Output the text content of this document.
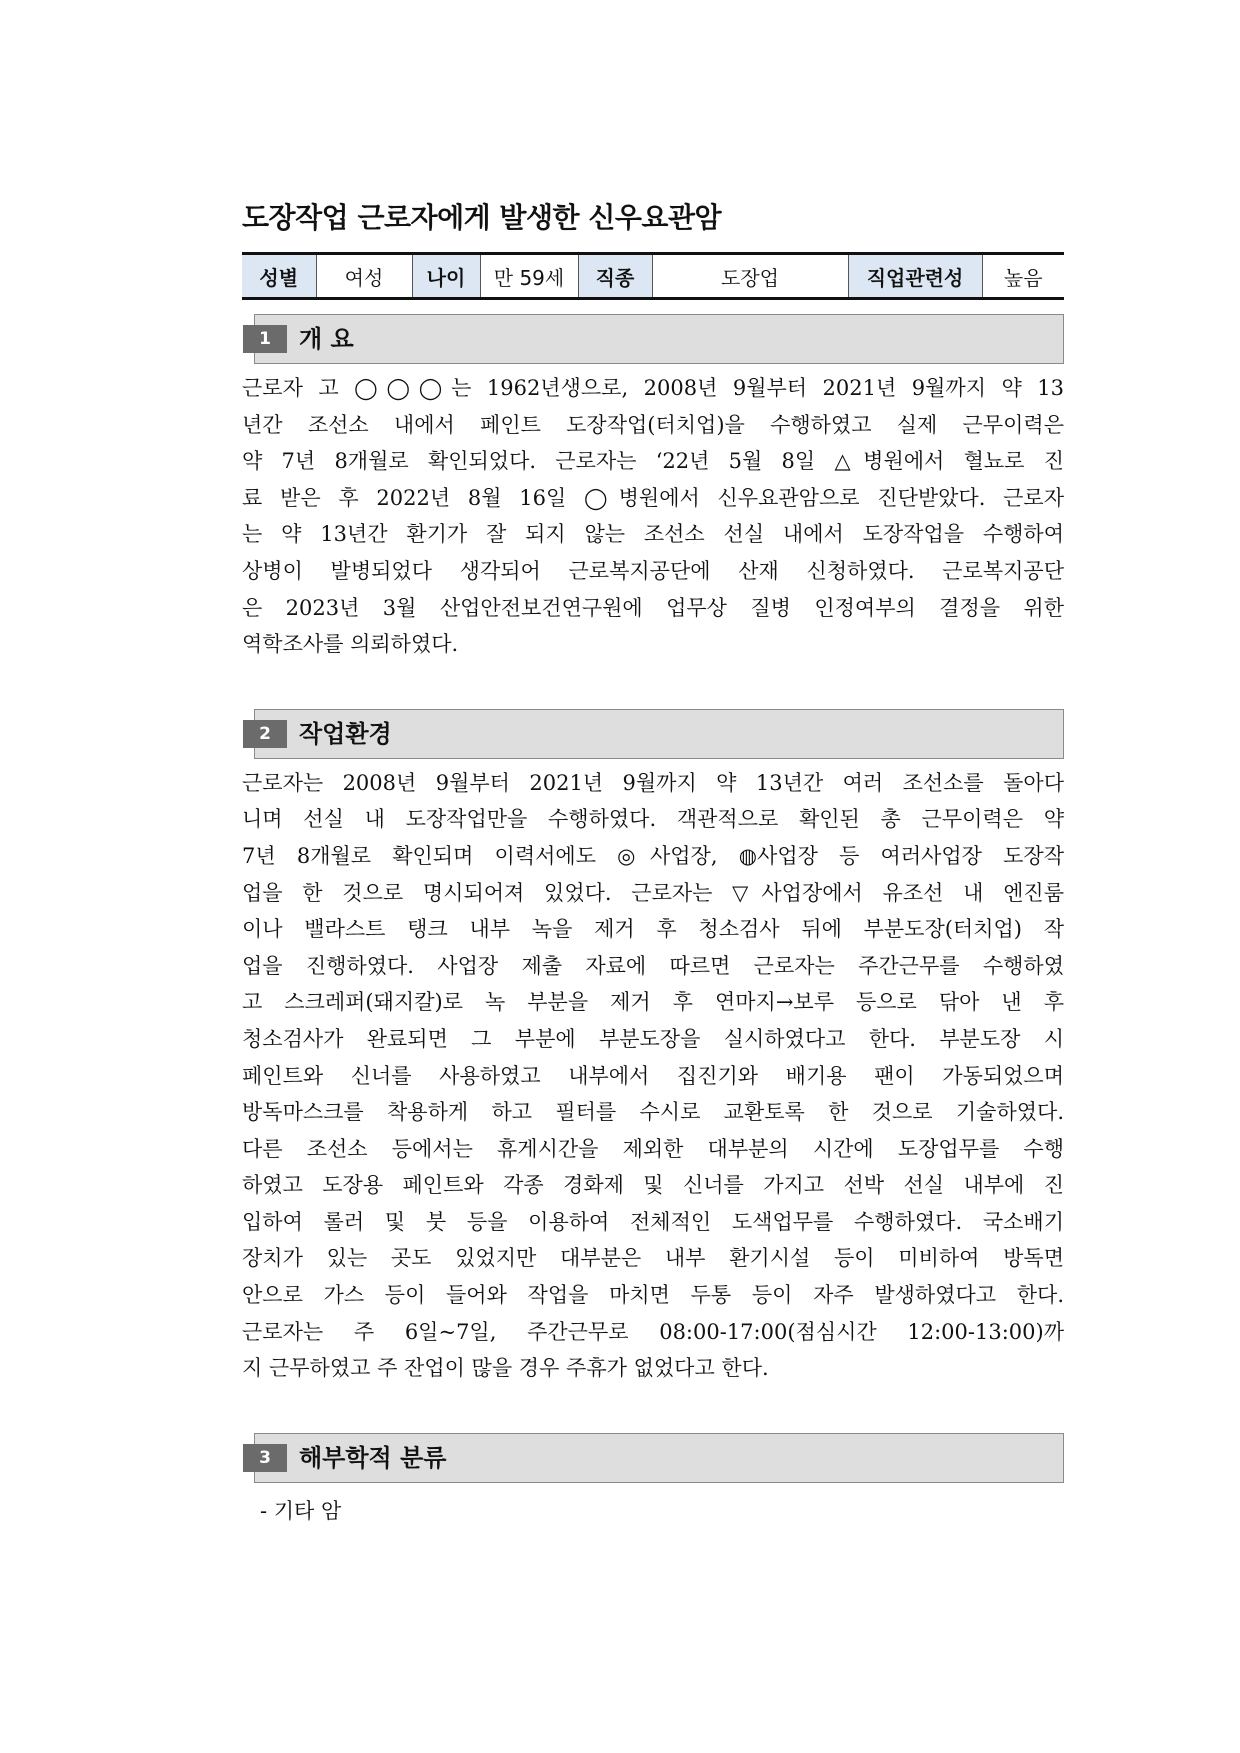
도장작업 근로자에게 발생한 신우요관암
성별	여성	나이	만 59세	직종	도장업	직업관련성	높음
1	개 요
근로자 고 ◯◯◯는 1962년생으로, 2008년 9월부터 2021년 9월까지 약 13
년간 조선소 내에서 페인트 도장작업(터치업)을 수행하였고 실제 근무이력은
약 7년 8개월로 확인되었다. 근로자는 ‘22년 5월 8일 △병원에서 혈뇨로 진
료 받은 후 2022년 8월 16일 ◯병원에서 신우요관암으로 진단받았다. 근로자
는 약 13년간 환기가 잘 되지 않는 조선소 선실 내에서 도장작업을 수행하여
상병이 발병되었다 생각되어 근로복지공단에 산재 신청하였다. 근로복지공단
은 2023년 3월 산업안전보건연구원에 업무상 질병 인정여부의 결정을 위한
역학조사를 의뢰하였다.
2	작업환경
근로자는 2008년 9월부터 2021년 9월까지 약 13년간 여러 조선소를 돌아다
니며 선실 내 도장작업만을 수행하였다. 객관적으로 확인된 총 근무이력은 약
7년 8개월로 확인되며 이력서에도 ◎사업장, ◍사업장 등 여러사업장 도장작
업을 한 것으로 명시되어져 있었다. 근로자는 ▽사업장에서 유조선 내 엔진룸
이나 밸라스트 탱크 내부 녹을 제거 후 청소검사 뒤에 부분도장(터치업) 작
업을 진행하였다. 사업장 제출 자료에 따르면 근로자는 주간근무를 수행하였
고 스크레퍼(돼지칼)로 녹 부분을 제거 후 연마지→보루 등으로 닦아 낸 후
청소검사가 완료되면 그 부분에 부분도장을 실시하였다고 한다. 부분도장 시
페인트와 신너를 사용하였고 내부에서 집진기와 배기용 팬이 가동되었으며
방독마스크를 착용하게 하고 필터를 수시로 교환토록 한 것으로 기술하였다.
다른 조선소 등에서는 휴게시간을 제외한 대부분의 시간에 도장업무를 수행
하였고 도장용 페인트와 각종 경화제 및 신너를 가지고 선박 선실 내부에 진
입하여 롤러 및 붓 등을 이용하여 전체적인 도색업무를 수행하였다. 국소배기
장치가 있는 곳도 있었지만 대부분은 내부 환기시설 등이 미비하여 방독면
안으로 가스 등이 들어와 작업을 마치면 두통 등이 자주 발생하였다고 한다.
근로자는 주 6일~7일, 주간근무로 08:00-17:00(점심시간 12:00-13:00)까
지 근무하였고 주 잔업이 많을 경우 주휴가 없었다고 한다.
3	해부학적 분류
- 기타 암
